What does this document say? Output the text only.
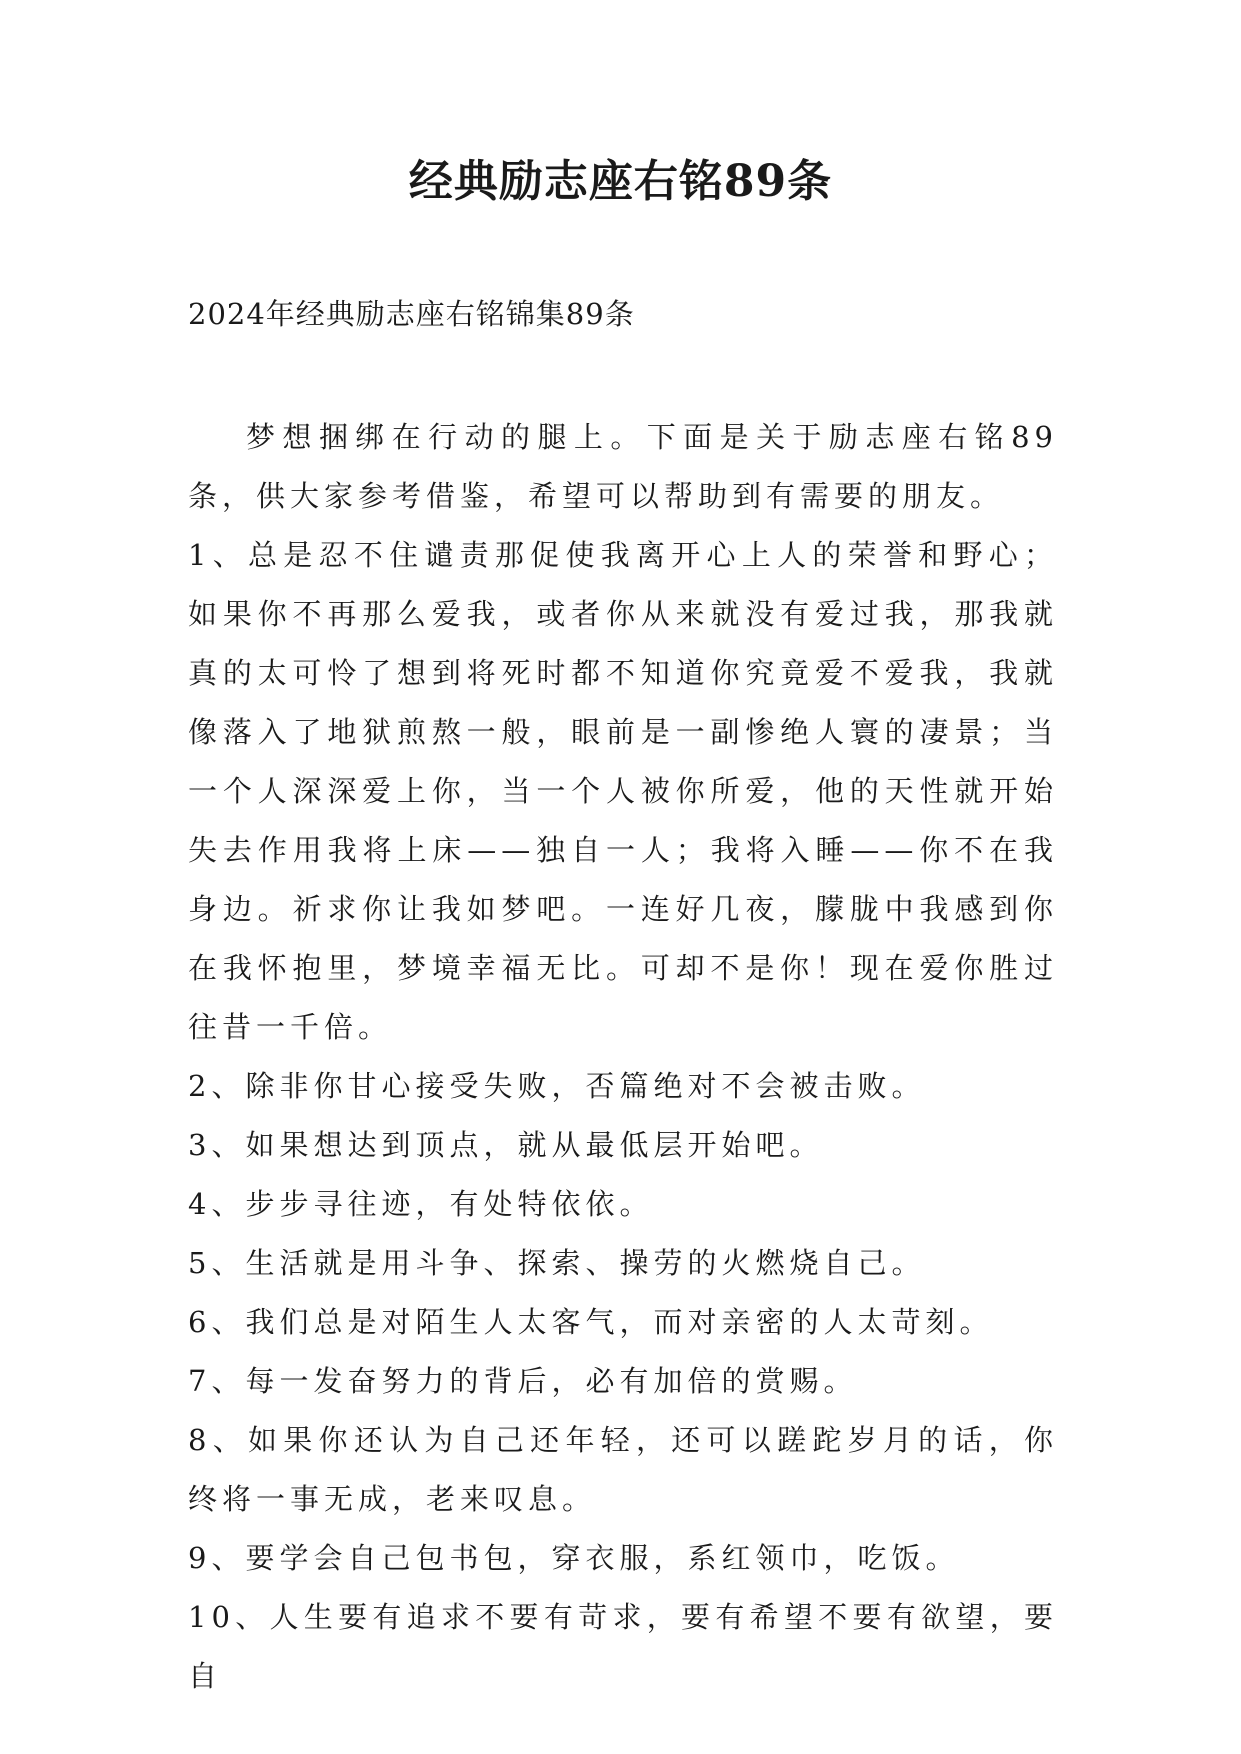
经典励志座右铭89条
2024年经典励志座右铭锦集89条

梦想捆绑在行动的腿上。下面是关于励志座右铭89条，供大家参考借鉴，希望可以帮助到有需要的朋友。

1、总是忍不住谴责那促使我离开心上人的荣誉和野心；如果你不再那么爱我，或者你从来就没有爱过我，那我就真的太可怜了想到将死时都不知道你究竟爱不爱我，我就像落入了地狱煎熬一般，眼前是一副惨绝人寰的凄景；当一个人深深爱上你，当一个人被你所爱，他的天性就开始失去作用我将上床——独自一人；我将入睡——你不在我身边。祈求你让我如梦吧。一连好几夜，朦胧中我感到你在我怀抱里，梦境幸福无比。可却不是你！现在爱你胜过往昔一千倍。

2、除非你甘心接受失败，否篇绝对不会被击败。

3、如果想达到顶点，就从最低层开始吧。

4、步步寻往迹，有处特依依。

5、生活就是用斗争、探索、操劳的火燃烧自己。

6、我们总是对陌生人太客气，而对亲密的人太苛刻。

7、每一发奋努力的背后，必有加倍的赏赐。

8、如果你还认为自己还年轻，还可以蹉跎岁月的话，你终将一事无成，老来叹息。

9、要学会自己包书包，穿衣服，系红领巾，吃饭。

10、人生要有追求不要有苛求，要有希望不要有欲望，要自
